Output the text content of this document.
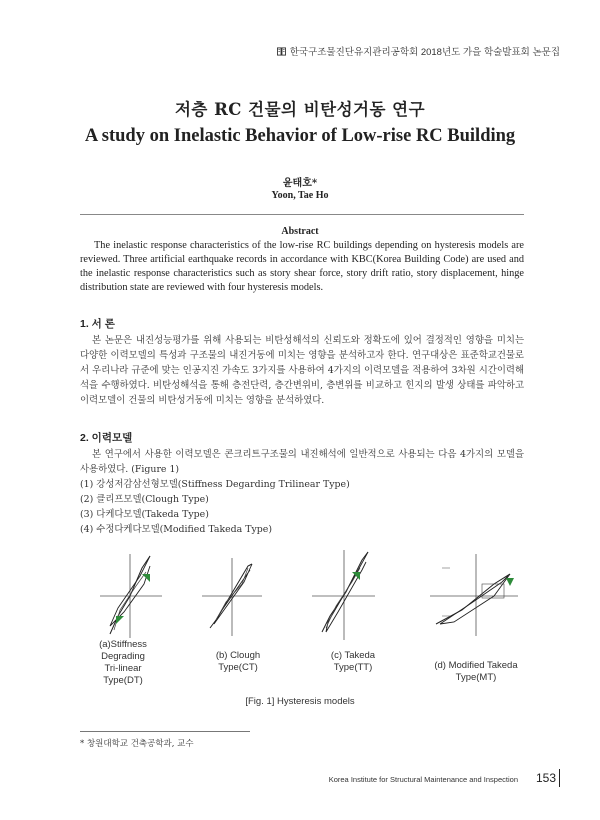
한국구조물진단유지관리공학회 2018년도 가을 학술발표회 논문집
저층 RC 건물의 비탄성거동 연구
A study on Inelastic Behavior of Low-rise RC Building
윤태호*
Yoon, Tae Ho
Abstract

The inelastic response characteristics of the low-rise RC buildings depending on hysteresis models are reviewed. Three artificial earthquake records in accordance with KBC(Korea Building Code) are used and the inelastic response characteristics such as story shear force, story drift ratio, story displacement, hinge distribution state are reviewed with four hysteresis models.

1. 서 론

본 논문은 내진성능평가를 위해 사용되는 비탄성해석의 신뢰도와 정확도에 있어 결정적인 영향을 미치는 다양한 이력모델의 특성과 구조물의 내진거동에 미치는 영향을 분석하고자 한다. 연구대상은 표준학교건물로서 우리나라 규준에 맞는 인공지진 가속도 3가지를 사용하여 4가지의 이력모델을 적용하여 3차원 시간이력해석을 수행하였다. 비탄성해석을 통해 층전단력, 층간변위비, 층변위를 비교하고 힌지의 발생 상태를 파악하고 이력모델이 건물의 비탄성거동에 미치는 영향을 분석하였다.

2. 이력모델

본 연구에서 사용한 이력모델은 콘크리트구조물의 내진해석에 일반적으로 사용되는 다음 4가지의 모델을 사용하였다. (Figure 1)

(1) 강성저감삼선형모델(Stiffness Degarding Trilinear Type)
(2) 클리프모델(Clough Type)
(3) 다케다모델(Takeda Type)
(4) 수정다케다모델(Modified Takeda Type)
(a)Stiffness
Degrading
Tri-linear
Type(DT)
(b) Clough
Type(CT)
(c) Takeda
Type(TT)	(d) Modified Takeda
Type(MT)
[Fig. 1] Hysteresis models
* 창원대학교 건축공학과, 교수
Korea Institute for Structural Maintenance and Inspection 153
